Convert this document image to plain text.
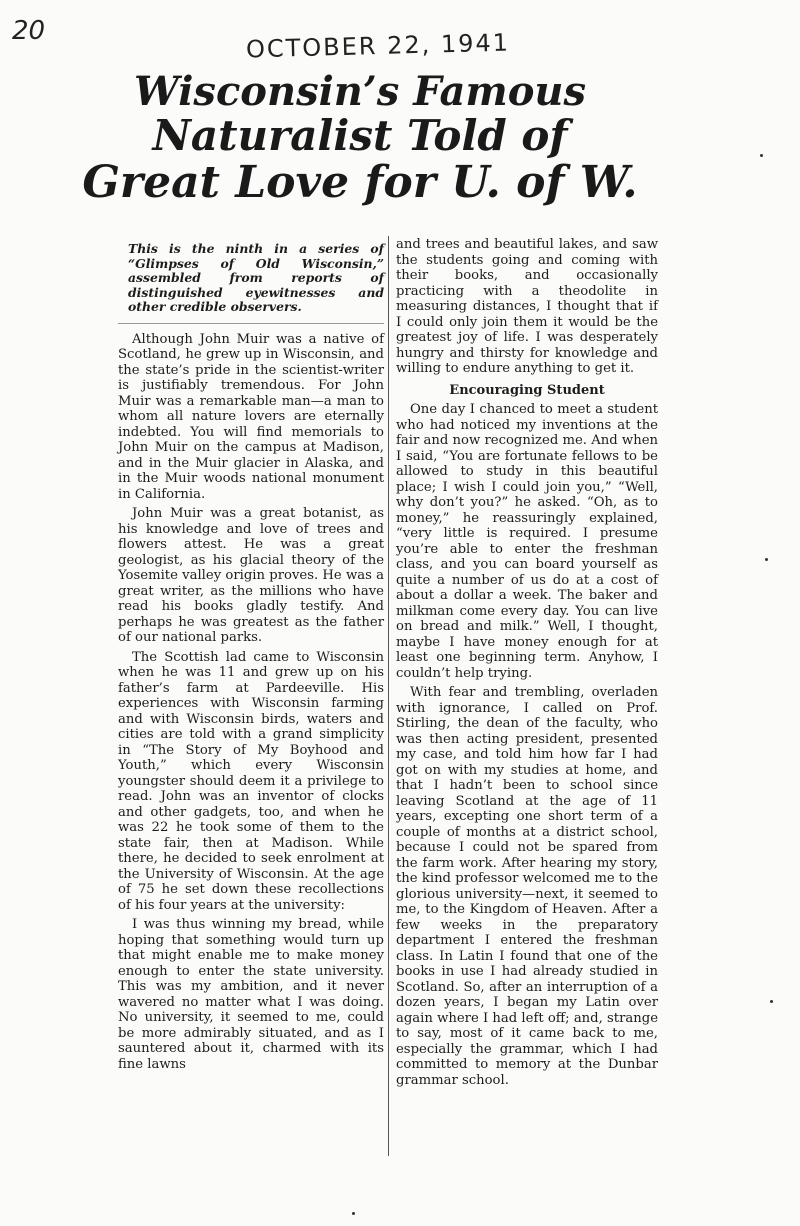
20	OCTOBER 22, 1941
Wisconsin’s Famous
Naturalist Told of
Great Love for U. of W.

This is the ninth in a series of “Glimpses of Old Wisconsin,” assembled from reports of distinguished eyewitnesses and other credible observers.

Although John Muir was a native of Scotland, he grew up in Wisconsin, and the state’s pride in the scientist-writer is justifiably tremendous. For John Muir was a remarkable man—a man to whom all nature lovers are eternally indebted. You will find memorials to John Muir on the campus at Madison, and in the Muir glacier in Alaska, and in the Muir woods national monument in California.

John Muir was a great botanist, as his knowledge and love of trees and flowers attest. He was a great geologist, as his glacial theory of the Yosemite valley origin proves. He was a great writer, as the millions who have read his books gladly testify. And perhaps he was greatest as the father of our national parks.

The Scottish lad came to Wisconsin when he was 11 and grew up on his father’s farm at Pardeeville. His experiences with Wisconsin farming and with Wisconsin birds, waters and cities are told with a grand simplicity in “The Story of My Boyhood and Youth,” which every Wisconsin youngster should deem it a privilege to read. John was an inventor of clocks and other gadgets, too, and when he was 22 he took some of them to the state fair, then at Madison. While there, he decided to seek enrolment at the University of Wisconsin. At the age of 75 he set down these recollections of his four years at the university:

I was thus winning my bread, while hoping that something would turn up that might enable me to make money enough to enter the state university. This was my ambition, and it never wavered no matter what I was doing. No university, it seemed to me, could be more admirably situated, and as I sauntered about it, charmed with its fine lawns

and trees and beautiful lakes, and saw the students going and coming with their books, and occasionally practicing with a theodolite in measuring distances, I thought that if I could only join them it would be the greatest joy of life. I was desperately hungry and thirsty for knowledge and willing to endure anything to get it.

Encouraging Student

One day I chanced to meet a student who had noticed my inventions at the fair and now recognized me. And when I said, “You are fortunate fellows to be allowed to study in this beautiful place; I wish I could join you,” “Well, why don’t you?” he asked. “Oh, as to money,” he reassuringly explained, “very little is required. I presume you’re able to enter the freshman class, and you can board yourself as quite a number of us do at a cost of about a dollar a week. The baker and milkman come every day. You can live on bread and milk.” Well, I thought, maybe I have money enough for at least one beginning term. Anyhow, I couldn’t help trying.

With fear and trembling, overladen with ignorance, I called on Prof. Stirling, the dean of the faculty, who was then acting president, presented my case, and told him how far I had got on with my studies at home, and that I hadn’t been to school since leaving Scotland at the age of 11 years, excepting one short term of a couple of months at a district school, because I could not be spared from the farm work. After hearing my story, the kind professor welcomed me to the glorious university—next, it seemed to me, to the Kingdom of Heaven. After a few weeks in the preparatory department I entered the freshman class. In Latin I found that one of the books in use I had already studied in Scotland. So, after an interruption of a dozen years, I began my Latin over again where I had left off; and, strange to say, most of it came back to me, especially the grammar, which I had committed to memory at the Dunbar grammar school.
